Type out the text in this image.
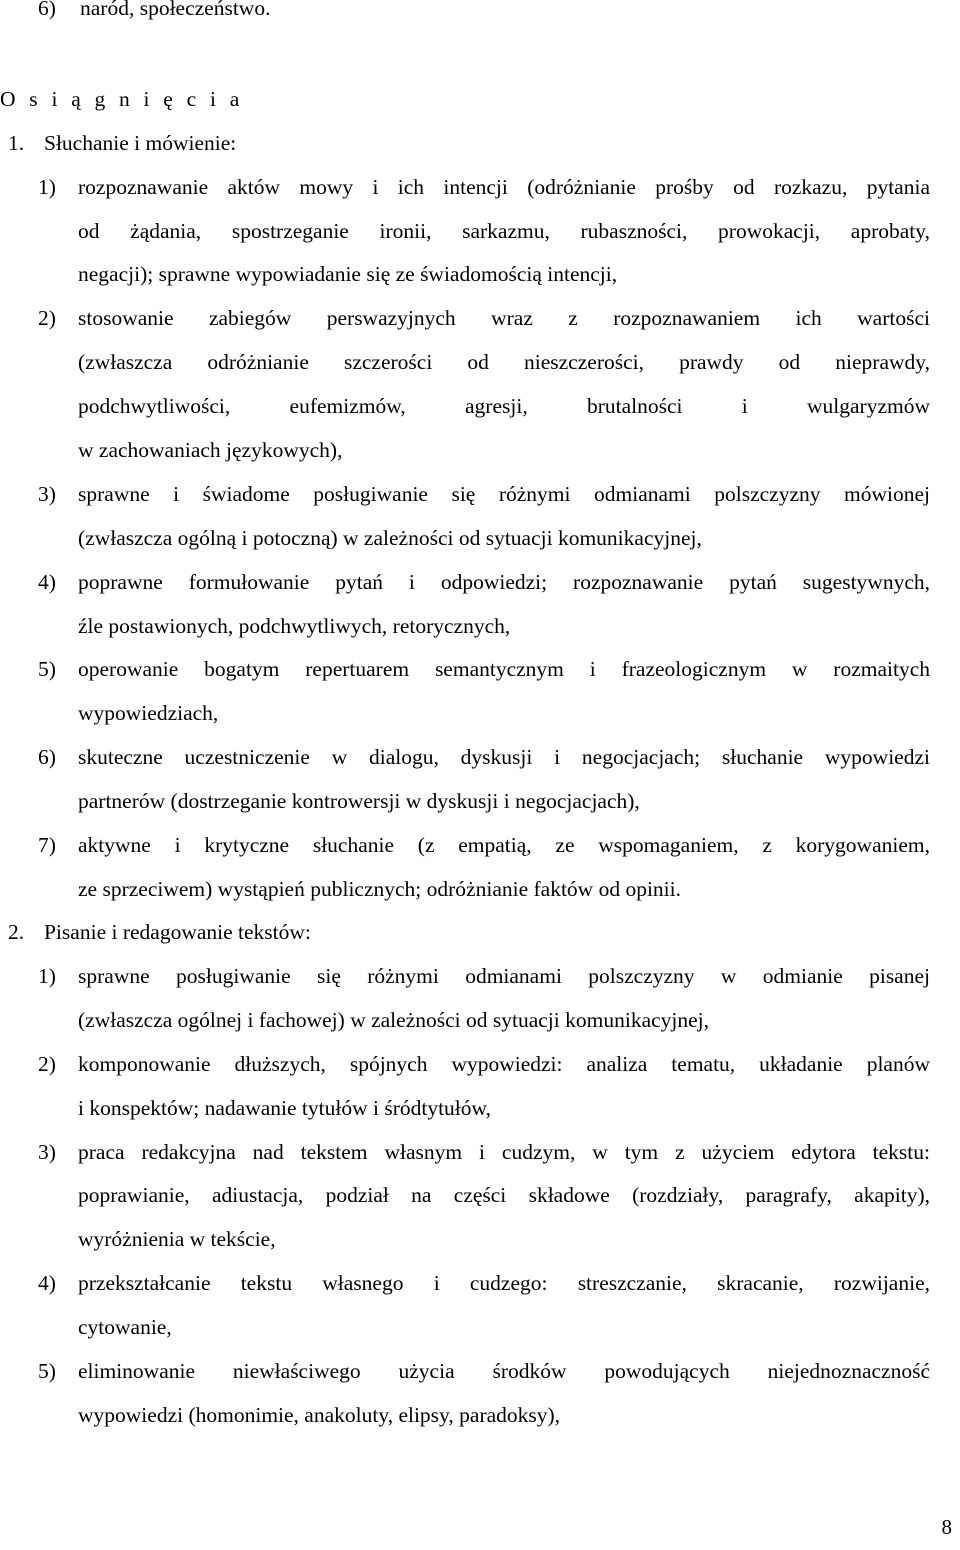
6) naród, społeczeństwo.
O s i ą g n i ę c i a
1. Słuchanie i mówienie:
1) rozpoznawanie aktów mowy i ich intencji (odróżnianie prośby od rozkazu, pytania
od żądania, spostrzeganie ironii, sarkazmu, rubaszności, prowokacji, aprobaty,
negacji); sprawne wypowiadanie się ze świadomością intencji,
2) stosowanie zabiegów perswazyjnych wraz z rozpoznawaniem ich wartości
(zwłaszcza odróżnianie szczerości od nieszczerości, prawdy od nieprawdy,
podchwytliwości, eufemizmów, agresji, brutalności i wulgaryzmów
w zachowaniach językowych),
3) sprawne i świadome posługiwanie się różnymi odmianami polszczyzny mówionej
(zwłaszcza ogólną i potoczną) w zależności od sytuacji komunikacyjnej,
4) poprawne formułowanie pytań i odpowiedzi; rozpoznawanie pytań sugestywnych,
źle postawionych, podchwytliwych, retorycznych,
5) operowanie bogatym repertuarem semantycznym i frazeologicznym w rozmaitych
wypowiedziach,
6) skuteczne uczestniczenie w dialogu, dyskusji i negocjacjach; słuchanie wypowiedzi
partnerów (dostrzeganie kontrowersji w dyskusji i negocjacjach),
7) aktywne i krytyczne słuchanie (z empatią, ze wspomaganiem, z korygowaniem,
ze sprzeciwem) wystąpień publicznych; odróżnianie faktów od opinii.
2. Pisanie i redagowanie tekstów:
1) sprawne posługiwanie się różnymi odmianami polszczyzny w odmianie pisanej
(zwłaszcza ogólnej i fachowej) w zależności od sytuacji komunikacyjnej,
2) komponowanie dłuższych, spójnych wypowiedzi: analiza tematu, układanie planów
i konspektów; nadawanie tytułów i śródtytułów,
3) praca redakcyjna nad tekstem własnym i cudzym, w tym z użyciem edytora tekstu:
poprawianie, adiustacja, podział na części składowe (rozdziały, paragrafy, akapity),
wyróżnienia w tekście,
4) przekształcanie tekstu własnego i cudzego: streszczanie, skracanie, rozwijanie,
cytowanie,
5) eliminowanie niewłaściwego użycia środków powodujących niejednoznaczność
wypowiedzi (homonimie, anakoluty, elipsy, paradoksy),
8
